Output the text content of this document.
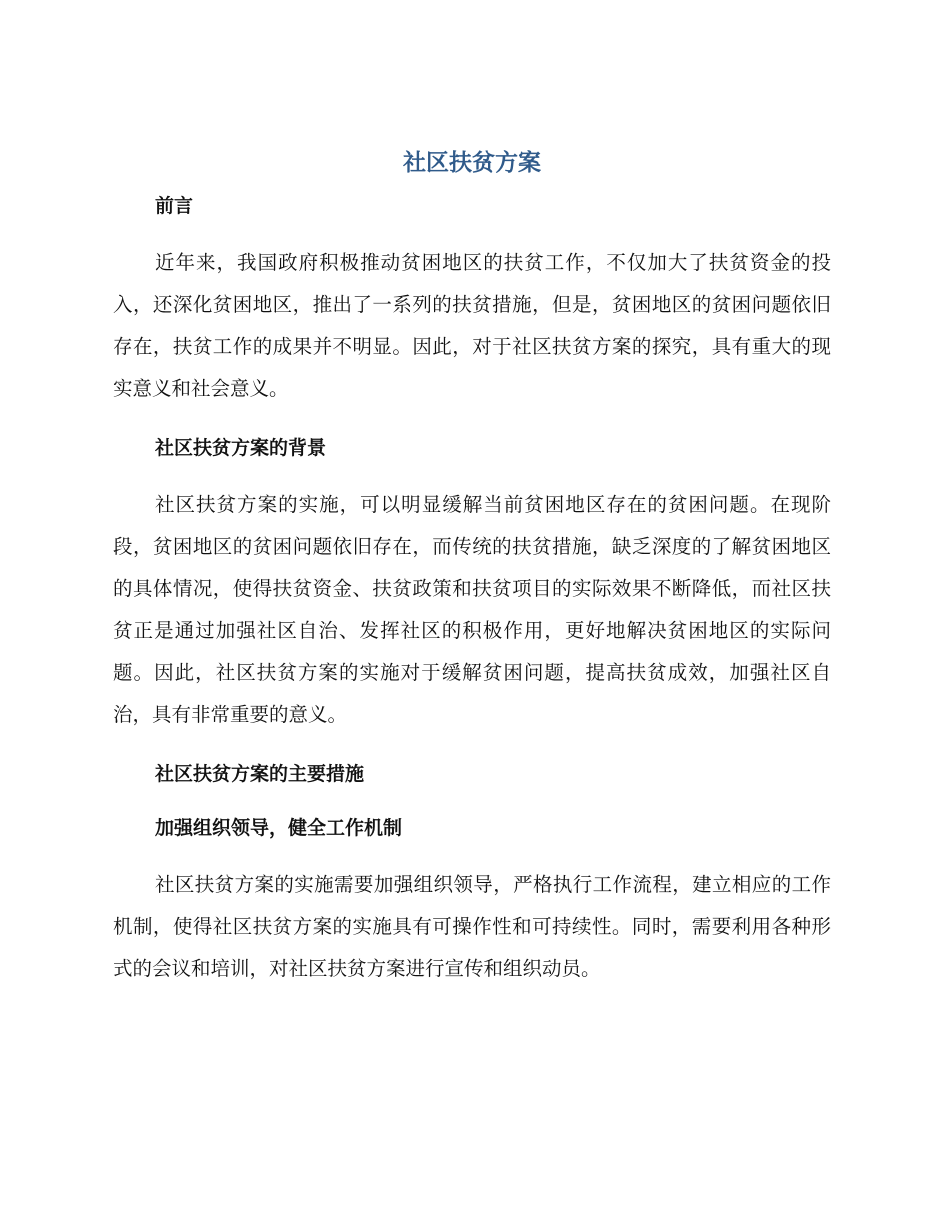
社区扶贫方案
前言

近年来，我国政府积极推动贫困地区的扶贫工作，不仅加大了扶贫资金的投入，还深化贫困地区，推出了一系列的扶贫措施，但是，贫困地区的贫困问题依旧存在，扶贫工作的成果并不明显。因此，对于社区扶贫方案的探究，具有重大的现实意义和社会意义。

社区扶贫方案的背景

社区扶贫方案的实施，可以明显缓解当前贫困地区存在的贫困问题。在现阶段，贫困地区的贫困问题依旧存在，而传统的扶贫措施，缺乏深度的了解贫困地区的具体情况，使得扶贫资金、扶贫政策和扶贫项目的实际效果不断降低，而社区扶贫正是通过加强社区自治、发挥社区的积极作用，更好地解决贫困地区的实际问题。因此，社区扶贫方案的实施对于缓解贫困问题，提高扶贫成效，加强社区自治，具有非常重要的意义。

社区扶贫方案的主要措施
加强组织领导，健全工作机制

社区扶贫方案的实施需要加强组织领导，严格执行工作流程，建立相应的工作机制，使得社区扶贫方案的实施具有可操作性和可持续性。同时，需要利用各种形式的会议和培训，对社区扶贫方案进行宣传和组织动员。
